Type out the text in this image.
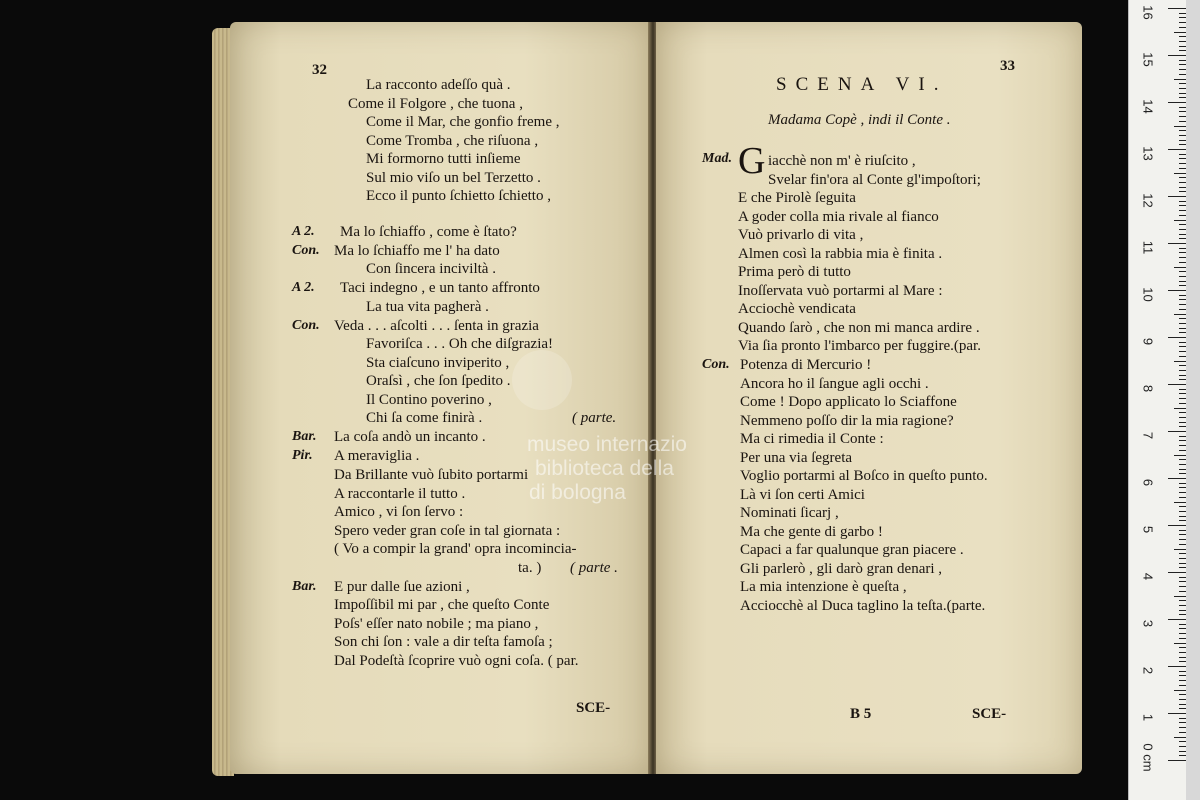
32
La racconto adeſſo quà .
Come il Folgore , che tuona ,
Come il Mar, che gonfio freme ,
Come Tromba , che riſuona ,
Mi formorno tutti inſieme
Sul mio viſo un bel Terzetto .
Ecco il punto ſchietto ſchietto ,
A 2. Ma lo ſchiaffo , come è ſtato?
Con. Ma lo ſchiaffo me l' ha dato
Con ſincera inciviltà .
A 2. Taci indegno , e un tanto affronto
La tua vita pagherà .
Con. Veda . . . aſcolti . . . ſenta in grazia
Favoriſca . . . Oh che diſgrazia!
Sta ciaſcuno inviperito ,
Oraſsì , che ſon ſpedito .
Il Contino poverino ,
Chi ſa come finirà .	( parte.
Bar. La coſa andò un incanto .
Pir. A meraviglia .
Da Brillante vuò ſubito portarmi
A raccontarle il tutto .
Amico , vi ſon ſervo :
Spero veder gran coſe in tal giornata :
( Vo a compir la grand' opra incomincia-
ta. ) ( parte .
Bar. E pur dalle ſue azioni ,
Impoſſibil mi par , che queſto Conte
Poſs' eſſer nato nobile ; ma piano ,
Son chi ſon : vale a dir teſta famoſa ;
Dal Podeſtà ſcoprire vuò ogni coſa. ( par.
SCE-
SCENA VI.
33
Madama Copè , indi il Conte .
Mad. G iacchè non m' è riuſcito ,
Svelar fin'ora al Conte gl'impoſtori;
E che Pirolè ſeguita
A goder colla mia rivale al fianco
Vuò privarlo di vita ,
Almen così la rabbia mia è finita .
Prima però di tutto
Inoſſervata vuò portarmi al Mare :
Acciochè vendicata
Quando ſarò , che non mi manca ardire .
Via ſia pronto l'imbarco per fuggire.(par.
Con. Potenza di Mercurio !
Ancora ho il ſangue agli occhi .
Come ! Dopo applicato lo Sciaffone
Nemmeno poſſo dir la mia ragione?
Ma ci rimedia il Conte :
Per una via ſegreta
Voglio portarmi al Boſco in queſto punto.
Là vi ſon certi Amici
Nominati ſicarj ,
Ma che gente di garbo !
Capaci a far qualunque gran piacere .
Gli parlerò , gli darò gran denari ,
La mia intenzione è queſta ,
Acciocchè al Duca taglino la teſta.(parte.
B 5	SCE-
museo internazio
biblioteca della
di bologna
0 cm
1
2
3
4
5
6
7
8
9
10
11
12
13
14
15
16
